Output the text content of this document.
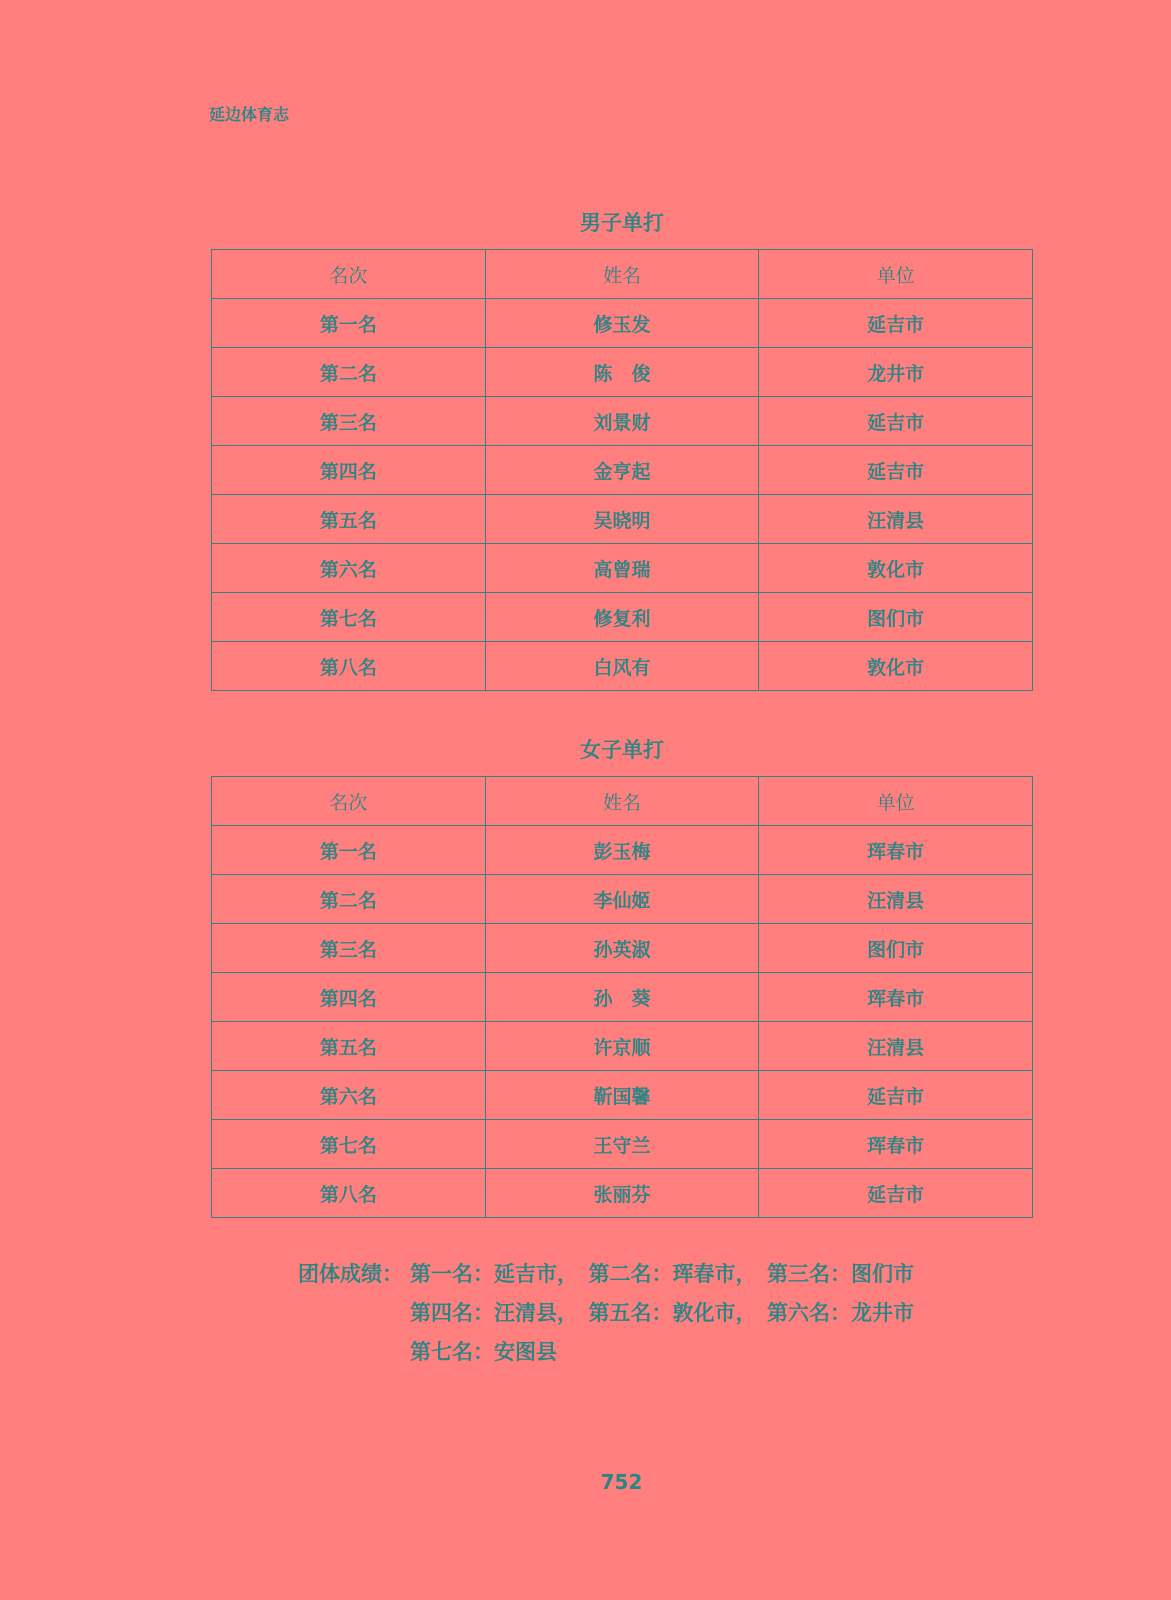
延边体育志
男子单打
名次	姓名	单位
第一名	修玉发	延吉市
第二名	陈　俊	龙井市
第三名	刘景财	延吉市
第四名	金亨起	延吉市
第五名	吴晓明	汪清县
第六名	高曾瑞	敦化市
第七名	修复利	图们市
第八名	白风有	敦化市
女子单打
名次	姓名	单位
第一名	彭玉梅	珲春市
第二名	李仙姬	汪清县
第三名	孙英淑	图们市
第四名	孙　葵	珲春市
第五名	许京顺	汪清县
第六名	靳国馨	延吉市
第七名	王守兰	珲春市
第八名	张丽芬	延吉市
团体成绩： 第一名：延吉市，　第二名：珲春市，　第三名：图们市
第四名：汪清县，　第五名：敦化市，　第六名：龙井市
第七名：安图县
752
